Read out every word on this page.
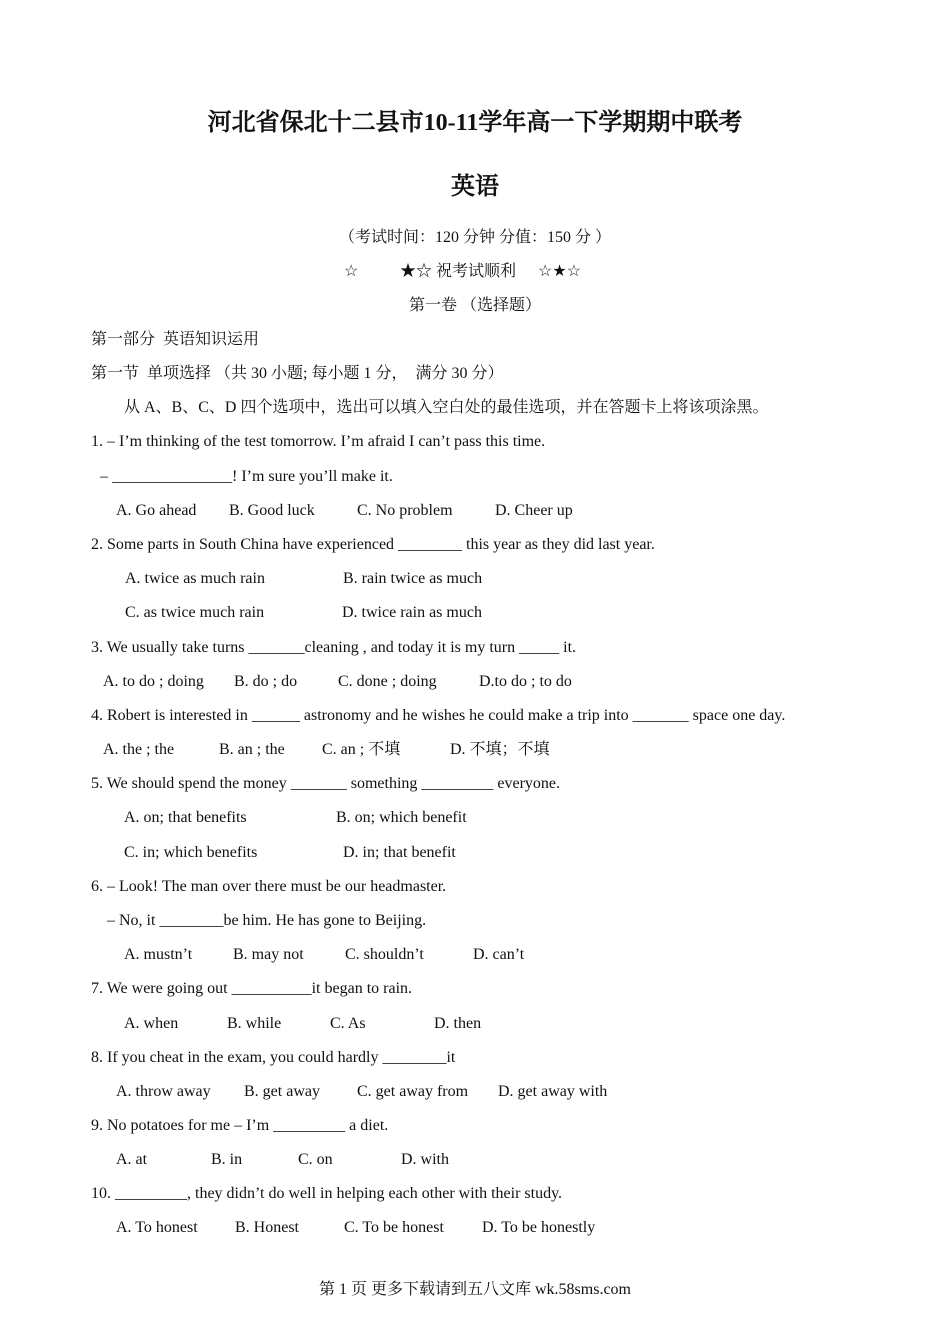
河北省保北十二县市10-11学年高一下学期期中联考
英语
（考试时间：120 分钟 分值：150 分 ）
☆	★☆ 祝考试顺利 ☆★☆
第一卷 （选择题）
第一部分  英语知识运用
第一节  单项选择 （共 30 小题; 每小题 1 分，  满分 30 分）
从 A、B、C、D 四个选项中，选出可以填入空白处的最佳选项，并在答题卡上将该项涂黑。
1. – I’m thinking of the test tomorrow. I’m afraid I can’t pass this time.
– _______________! I’m sure you’ll make it.
A. Go ahead B. Good luck	C. No problem	D. Cheer up
2. Some parts in South China have experienced ________ this year as they did last year.
A. twice as much rain	B. rain twice as much
C. as twice much rain	D. twice rain as much
3. We usually take turns _______cleaning , and today it is my turn _____ it.
A. to do ; doing B. do ; do	C. done ; doing	D.to do ; to do
4. Robert is interested in ______ astronomy and he wishes he could make a trip into _______ space one day.
A. the ; the	B. an ; the C. an ; 不填	D. 不填；不填
5. We should spend the money _______ something _________ everyone.
A. on; that benefits	B. on; which benefit
C. in; which benefits	D. in; that benefit
6. – Look! The man over there must be our headmaster.
– No, it ________be him. He has gone to Beijing.
A. mustn’t	B. may not	C. shouldn’t	D. can’t
7. We were going out __________it began to rain.
A. when	B. while	C. As	D. then
8. If you cheat in the exam, you could hardly ________it
A. throw away B. get away C. get away from D. get away with
9. No potatoes for me – I’m _________ a diet.
A. at	B. in	C. on	D. with
10. _________, they didn’t do well in helping each other with their study.
A. To honest B. Honest	C. To be honest D. To be honestly
第 1 页 更多下载请到五八文库 wk.58sms.com
